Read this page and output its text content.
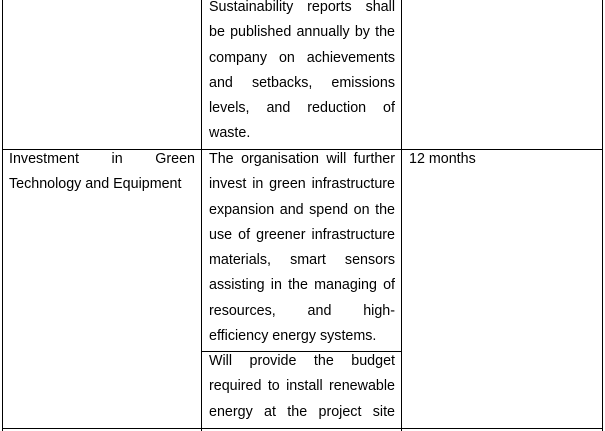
Sustainability reports shall
be published annually by the
company on achievements
and setbacks, emissions
levels, and reduction of
waste.
Investment in Green
Technology and Equipment
The organisation will further
invest in green infrastructure
expansion and spend on the
use of greener infrastructure
materials, smart sensors
assisting in the managing of
resources, and high-
efficiency energy systems.
Will provide the budget
required to install renewable
energy at the project site
12 months
